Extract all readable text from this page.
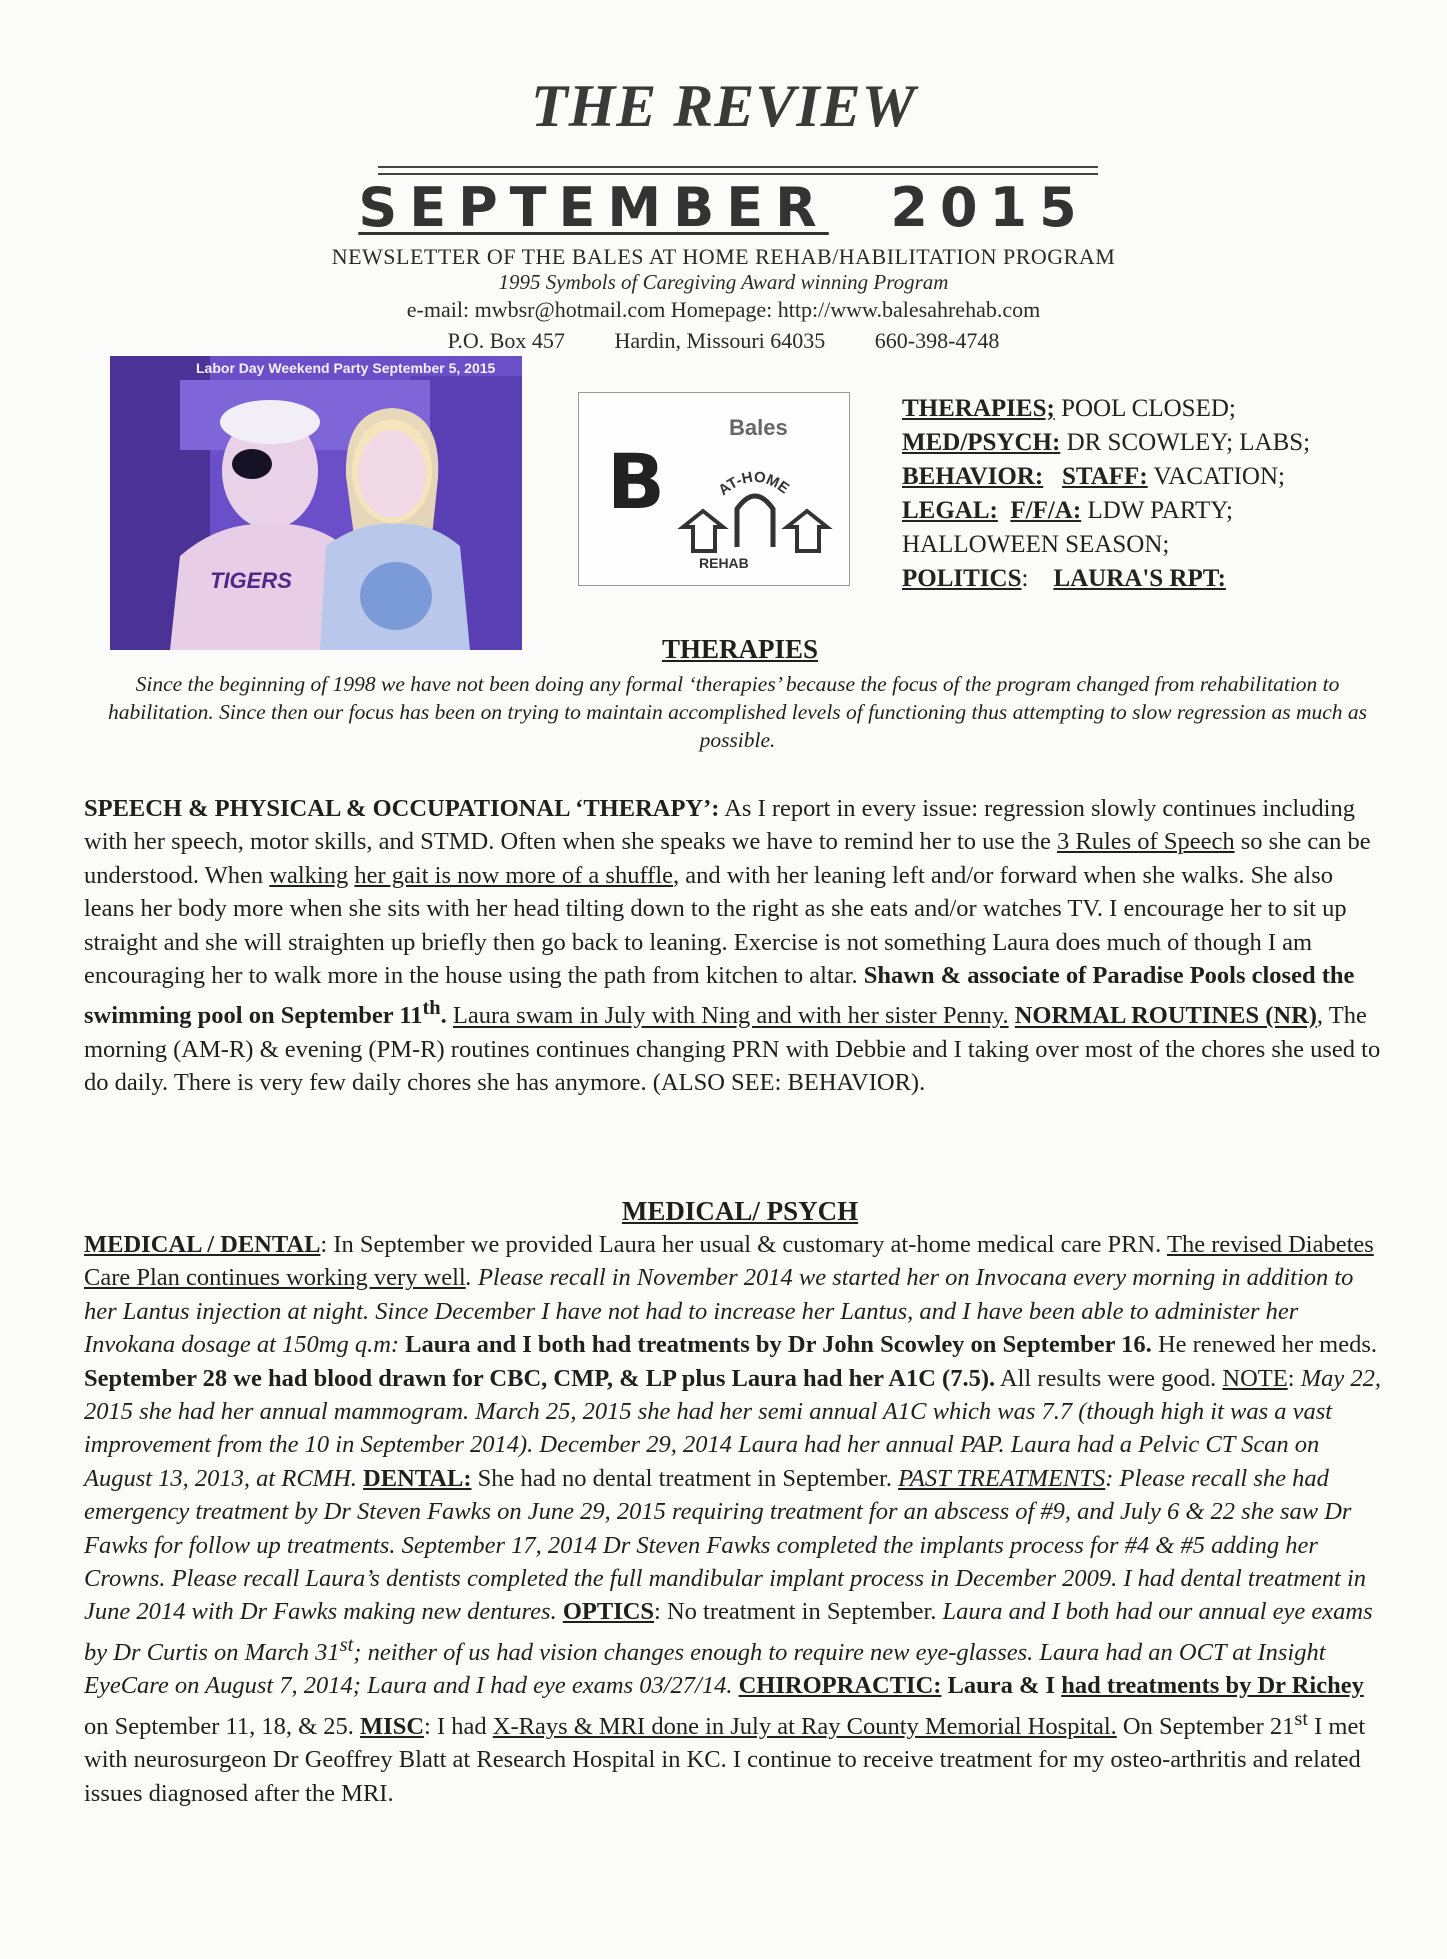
THE REVIEW
SEPTEMBER 2015
NEWSLETTER OF THE BALES AT HOME REHAB/HABILITATION PROGRAM
1995 Symbols of Caregiving Award winning Program
e-mail: mwbsr@hotmail.com Homepage: http://www.balesahrehab.com
P.O. Box 457 Hardin, Missouri 64035 660-398-4748
TIGERS
Labor Day Weekend Party September 5, 2015
Bales
B	AT-HOME
REHAB
THERAPIES; POOL CLOSED;
MED/PSYCH: DR SCOWLEY; LABS;
BEHAVIOR: STAFF: VACATION;
LEGAL: F/F/A: LDW PARTY;
HALLOWEEN SEASON;
POLITICS: LAURA'S RPT:
THERAPIES
Since the beginning of 1998 we have not been doing any formal ‘therapies’ because the focus of the program changed from rehabilitation to habilitation. Since then our focus has been on trying to maintain accomplished levels of functioning thus attempting to slow regression as much as possible.
SPEECH & PHYSICAL & OCCUPATIONAL ‘THERAPY’: As I report in every issue: regression slowly continues including with her speech, motor skills, and STMD. Often when she speaks we have to remind her to use the 3 Rules of Speech so she can be understood. When walking her gait is now more of a shuffle, and with her leaning left and/or forward when she walks. She also leans her body more when she sits with her head tilting down to the right as she eats and/or watches TV. I encourage her to sit up straight and she will straighten up briefly then go back to leaning. Exercise is not something Laura does much of though I am encouraging her to walk more in the house using the path from kitchen to altar. Shawn & associate of Paradise Pools closed the swimming pool on September 11th. Laura swam in July with Ning and with her sister Penny. NORMAL ROUTINES (NR), The morning (AM-R) & evening (PM-R) routines continues changing PRN with Debbie and I taking over most of the chores she used to do daily. There is very few daily chores she has anymore. (ALSO SEE: BEHAVIOR).
MEDICAL/ PSYCH
MEDICAL / DENTAL: In September we provided Laura her usual & customary at-home medical care PRN. The revised Diabetes Care Plan continues working very well. Please recall in November 2014 we started her on Invocana every morning in addition to her Lantus injection at night. Since December I have not had to increase her Lantus, and I have been able to administer her Invokana dosage at 150mg q.m: Laura and I both had treatments by Dr John Scowley on September 16. He renewed her meds. September 28 we had blood drawn for CBC, CMP, & LP plus Laura had her A1C (7.5). All results were good. NOTE: May 22, 2015 she had her annual mammogram. March 25, 2015 she had her semi annual A1C which was 7.7 (though high it was a vast improvement from the 10 in September 2014). December 29, 2014 Laura had her annual PAP. Laura had a Pelvic CT Scan on August 13, 2013, at RCMH. DENTAL: She had no dental treatment in September. PAST TREATMENTS: Please recall she had emergency treatment by Dr Steven Fawks on June 29, 2015 requiring treatment for an abscess of #9, and July 6 & 22 she saw Dr Fawks for follow up treatments. September 17, 2014 Dr Steven Fawks completed the implants process for #4 & #5 adding her Crowns. Please recall Laura’s dentists completed the full mandibular implant process in December 2009. I had dental treatment in June 2014 with Dr Fawks making new dentures. OPTICS: No treatment in September. Laura and I both had our annual eye exams by Dr Curtis on March 31st; neither of us had vision changes enough to require new eye-glasses. Laura had an OCT at Insight EyeCare on August 7, 2014; Laura and I had eye exams 03/27/14. CHIROPRACTIC: Laura & I had treatments by Dr Richey on September 11, 18, & 25. MISC: I had X-Rays & MRI done in July at Ray County Memorial Hospital. On September 21st I met with neurosurgeon Dr Geoffrey Blatt at Research Hospital in KC. I continue to receive treatment for my osteo-arthritis and related issues diagnosed after the MRI.
